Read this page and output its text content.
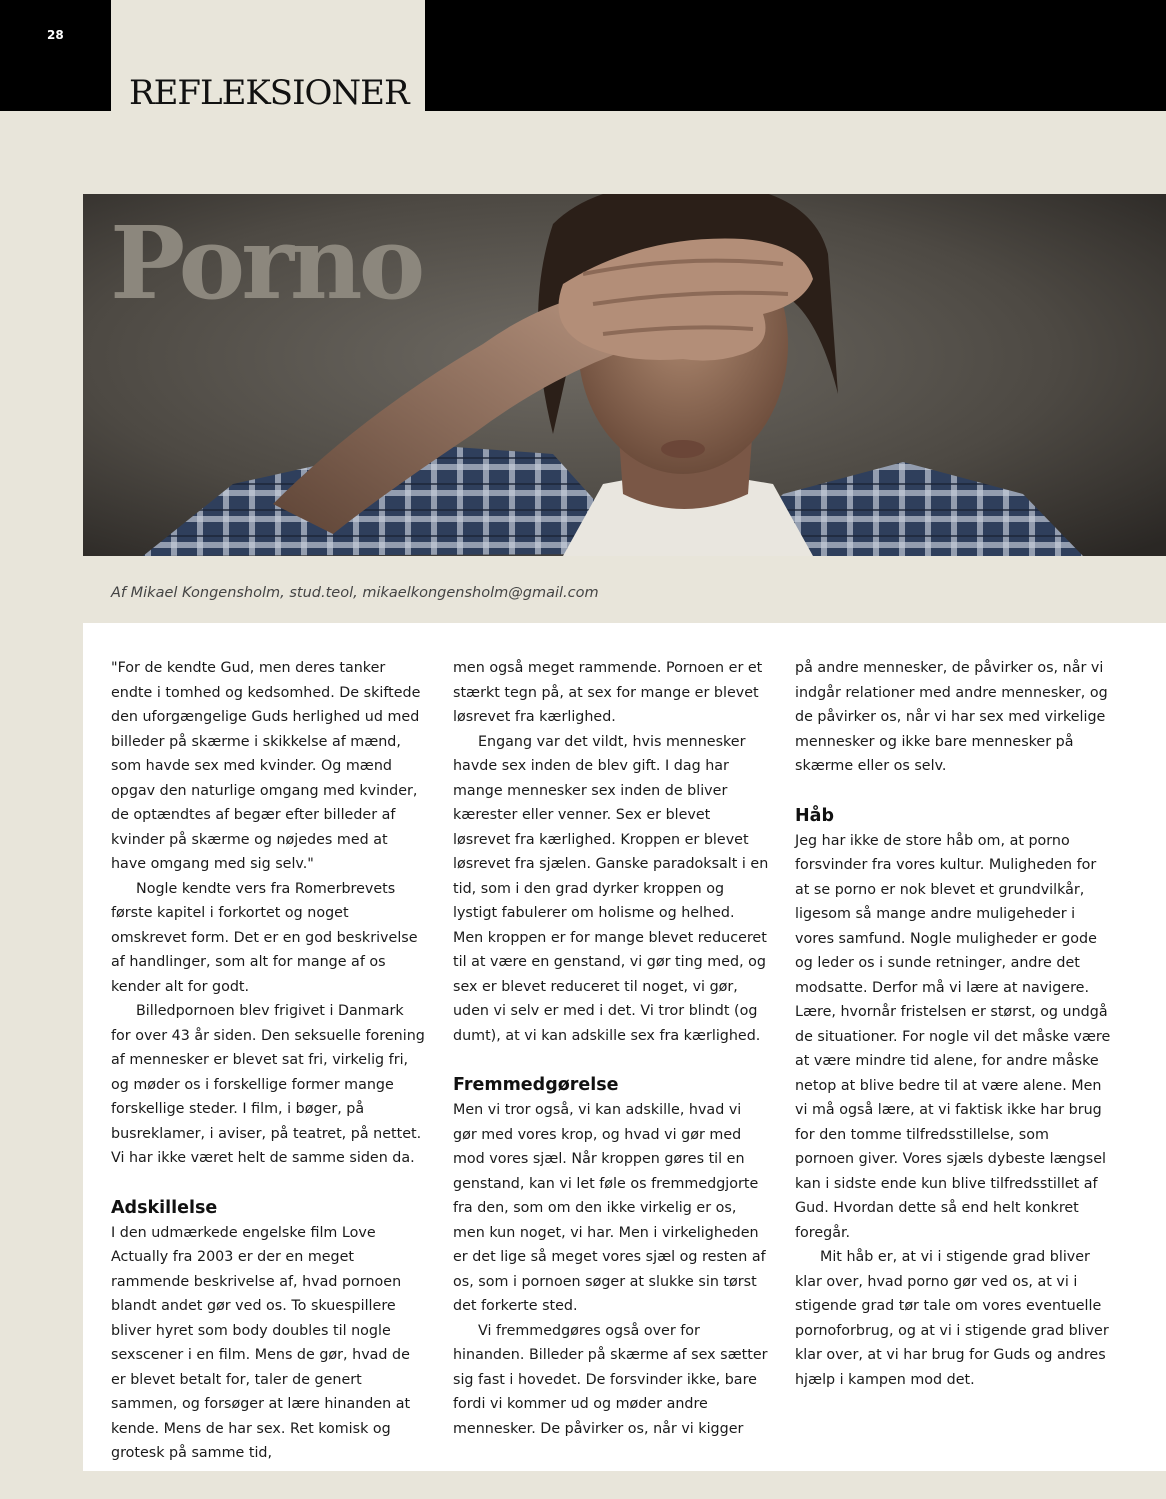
28
REFLEKSIONER
Porno
Af Mikael Kongensholm, stud.teol, mikaelkongensholm@gmail.com

"For de kendte Gud, men deres tanker endte i tomhed og kedsomhed. De skiftede den uforgængelige Guds herlighed ud med billeder på skærme i skikkelse af mænd, som havde sex med kvinder. Og mænd opgav den naturlige omgang med kvinder, de optændtes af begær efter billeder af kvinder på skærme og nøjedes med at have omgang med sig selv."

Nogle kendte vers fra Romerbrevets første kapitel i forkortet og noget omskrevet form. Det er en god beskrivelse af handlinger, som alt for mange af os kender alt for godt.

Billedpornoen blev frigivet i Danmark for over 43 år siden. Den seksuelle forening af mennesker er blevet sat fri, virkelig fri, og møder os i forskellige former mange forskellige steder. I film, i bøger, på busreklamer, i aviser, på teatret, på nettet. Vi har ikke været helt de samme siden da.

Adskillelse

I den udmærkede engelske film Love Actually fra 2003 er der en meget rammende beskrivelse af, hvad pornoen blandt andet gør ved os. To skuespillere bliver hyret som body doubles til nogle sexscener i en film. Mens de gør, hvad de er blevet betalt for, taler de genert sammen, og forsøger at lære hinanden at kende. Mens de har sex. Ret komisk og grotesk på samme tid,

men også meget rammende. Pornoen er et stærkt tegn på, at sex for mange er blevet løsrevet fra kærlighed.

Engang var det vildt, hvis mennesker havde sex inden de blev gift. I dag har mange mennesker sex inden de bliver kærester eller venner. Sex er blevet løsrevet fra kærlighed. Kroppen er blevet løsrevet fra sjælen. Ganske paradoksalt i en tid, som i den grad dyrker kroppen og lystigt fabulerer om holisme og helhed. Men kroppen er for mange blevet reduceret til at være en genstand, vi gør ting med, og sex er blevet reduceret til noget, vi gør, uden vi selv er med i det. Vi tror blindt (og dumt), at vi kan adskille sex fra kærlighed.

Fremmedgørelse

Men vi tror også, vi kan adskille, hvad vi gør med vores krop, og hvad vi gør med mod vores sjæl. Når kroppen gøres til en genstand, kan vi let føle os fremmedgjorte fra den, som om den ikke virkelig er os, men kun noget, vi har. Men i virkeligheden er det lige så meget vores sjæl og resten af os, som i pornoen søger at slukke sin tørst det forkerte sted.

Vi fremmedgøres også over for hinanden. Billeder på skærme af sex sætter sig fast i hovedet. De forsvinder ikke, bare fordi vi kommer ud og møder andre mennesker. De påvirker os, når vi kigger

på andre mennesker, de påvirker os, når vi indgår relationer med andre mennesker, og de påvirker os, når vi har sex med virkelige mennesker og ikke bare mennesker på skærme eller os selv.

Håb

Jeg har ikke de store håb om, at porno forsvinder fra vores kultur. Muligheden for at se porno er nok blevet et grundvilkår, ligesom så mange andre muligeheder i vores samfund. Nogle muligheder er gode og leder os i sunde retninger, andre det modsatte. Derfor må vi lære at navigere. Lære, hvornår fristelsen er størst, og undgå de situationer. For nogle vil det måske være at være mindre tid alene, for andre måske netop at blive bedre til at være alene. Men vi må også lære, at vi faktisk ikke har brug for den tomme tilfredsstillelse, som pornoen giver. Vores sjæls dybeste længsel kan i sidste ende kun blive tilfredsstillet af Gud. Hvordan dette så end helt konkret foregår.

Mit håb er, at vi i stigende grad bliver klar over, hvad porno gør ved os, at vi i stigende grad tør tale om vores eventuelle pornoforbrug, og at vi i stigende grad bliver klar over, at vi har brug for Guds og andres hjælp i kampen mod det.
